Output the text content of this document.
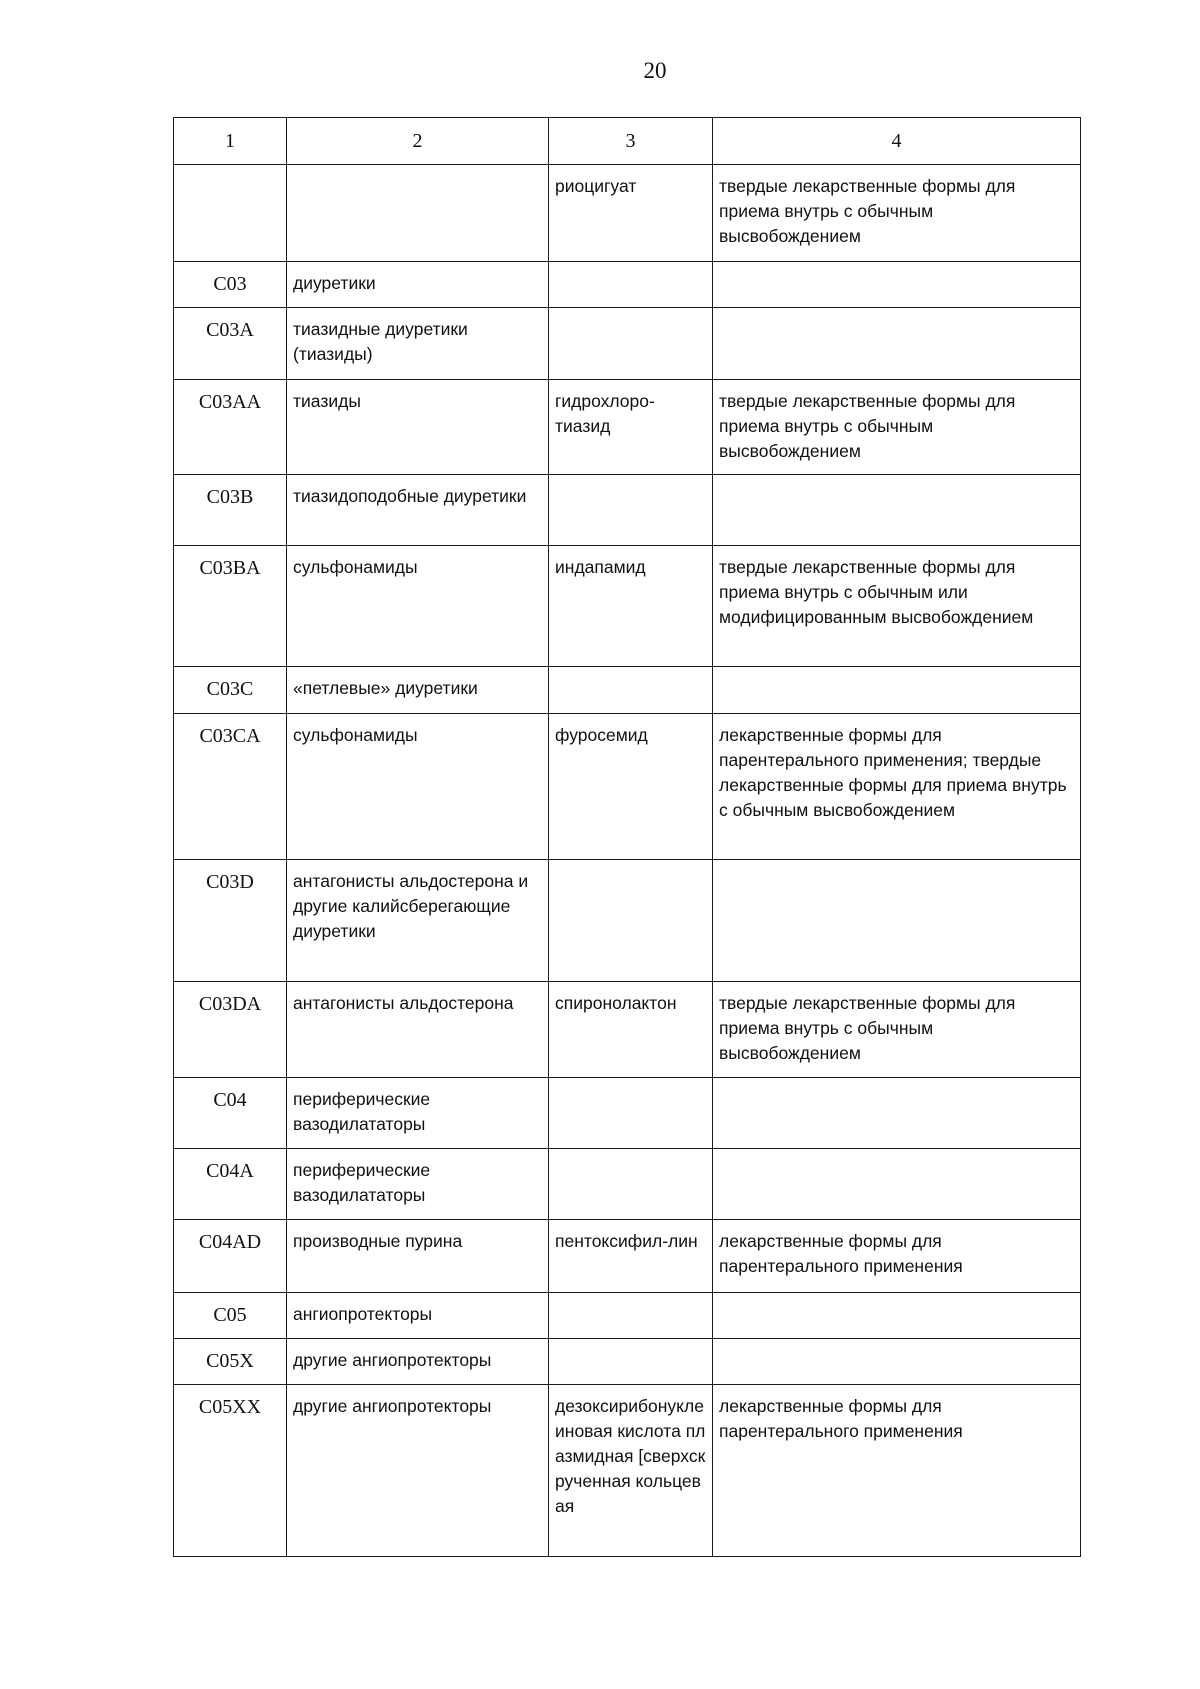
20
1	2	3	4
		риоцигуат	твердые лекарственные формы для приема внутрь с обычным высвобождением

C03	диуретики		
C03A	тиазидные диуретики (тиазиды)		
C03AA	тиазиды	гидрохлоро-тиазид	твердые лекарственные формы для приема внутрь с обычным высвобождением
C03B	тиазидоподобные диуретики		
C03BA	сульфонамиды	индапамид	твердые лекарственные формы для приема внутрь с обычным или модифицированным высвобождением
C03C	«петлевые» диуретики		
C03CA	сульфонамиды	фуросемид	лекарственные формы для парентерального применения; твердые лекарственные формы для приема внутрь с обычным высвобождением
C03D	антагонисты альдостерона и другие калийсберегающие диуретики		
C03DA	антагонисты альдостерона	спиронолактон	твердые лекарственные формы для приема внутрь с обычным высвобождением
C04	периферические вазодилататоры		
C04A	периферические вазодилататоры		
C04AD	производные пурина	пентоксифил-лин	лекарственные формы для парентерального применения
C05	ангиопротекторы		
C05X	другие ангиопротекторы		
C05XX	другие ангиопротекторы	дезоксирибонуклеиновая кислота плазмидная [сверхскрученная кольцевая	лекарственные формы для парентерального применения
